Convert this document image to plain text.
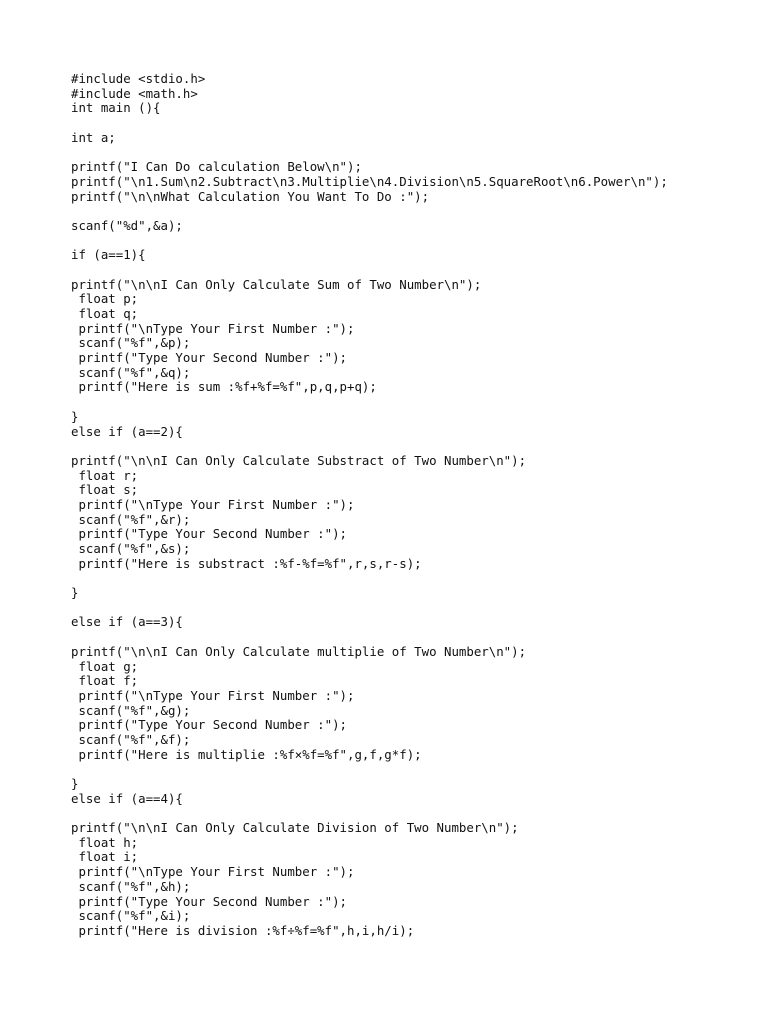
#include <stdio.h>
#include <math.h>
int main (){
int a;
printf("I Can Do calculation Below\n");
printf("\n1.Sum\n2.Subtract\n3.Multiplie\n4.Division\n5.SquareRoot\n6.Power\n");
printf("\n\nWhat Calculation You Want To Do :");
scanf("%d",&a);
if (a==1){
printf("\n\nI Can Only Calculate Sum of Two Number\n");
float p;
float q;
printf("\nType Your First Number :");
scanf("%f",&p);
printf("Type Your Second Number :");
scanf("%f",&q);
printf("Here is sum :%f+%f=%f",p,q,p+q);
}
else if (a==2){
printf("\n\nI Can Only Calculate Substract of Two Number\n");
float r;
float s;
printf("\nType Your First Number :");
scanf("%f",&r);
printf("Type Your Second Number :");
scanf("%f",&s);
printf("Here is substract :%f-%f=%f",r,s,r-s);
}
else if (a==3){
printf("\n\nI Can Only Calculate multiplie of Two Number\n");
float g;
float f;
printf("\nType Your First Number :");
scanf("%f",&g);
printf("Type Your Second Number :");
scanf("%f",&f);
printf("Here is multiplie :%f×%f=%f",g,f,g*f);
}
else if (a==4){
printf("\n\nI Can Only Calculate Division of Two Number\n");
float h;
float i;
printf("\nType Your First Number :");
scanf("%f",&h);
printf("Type Your Second Number :");
scanf("%f",&i);
printf("Here is division :%f÷%f=%f",h,i,h/i);
